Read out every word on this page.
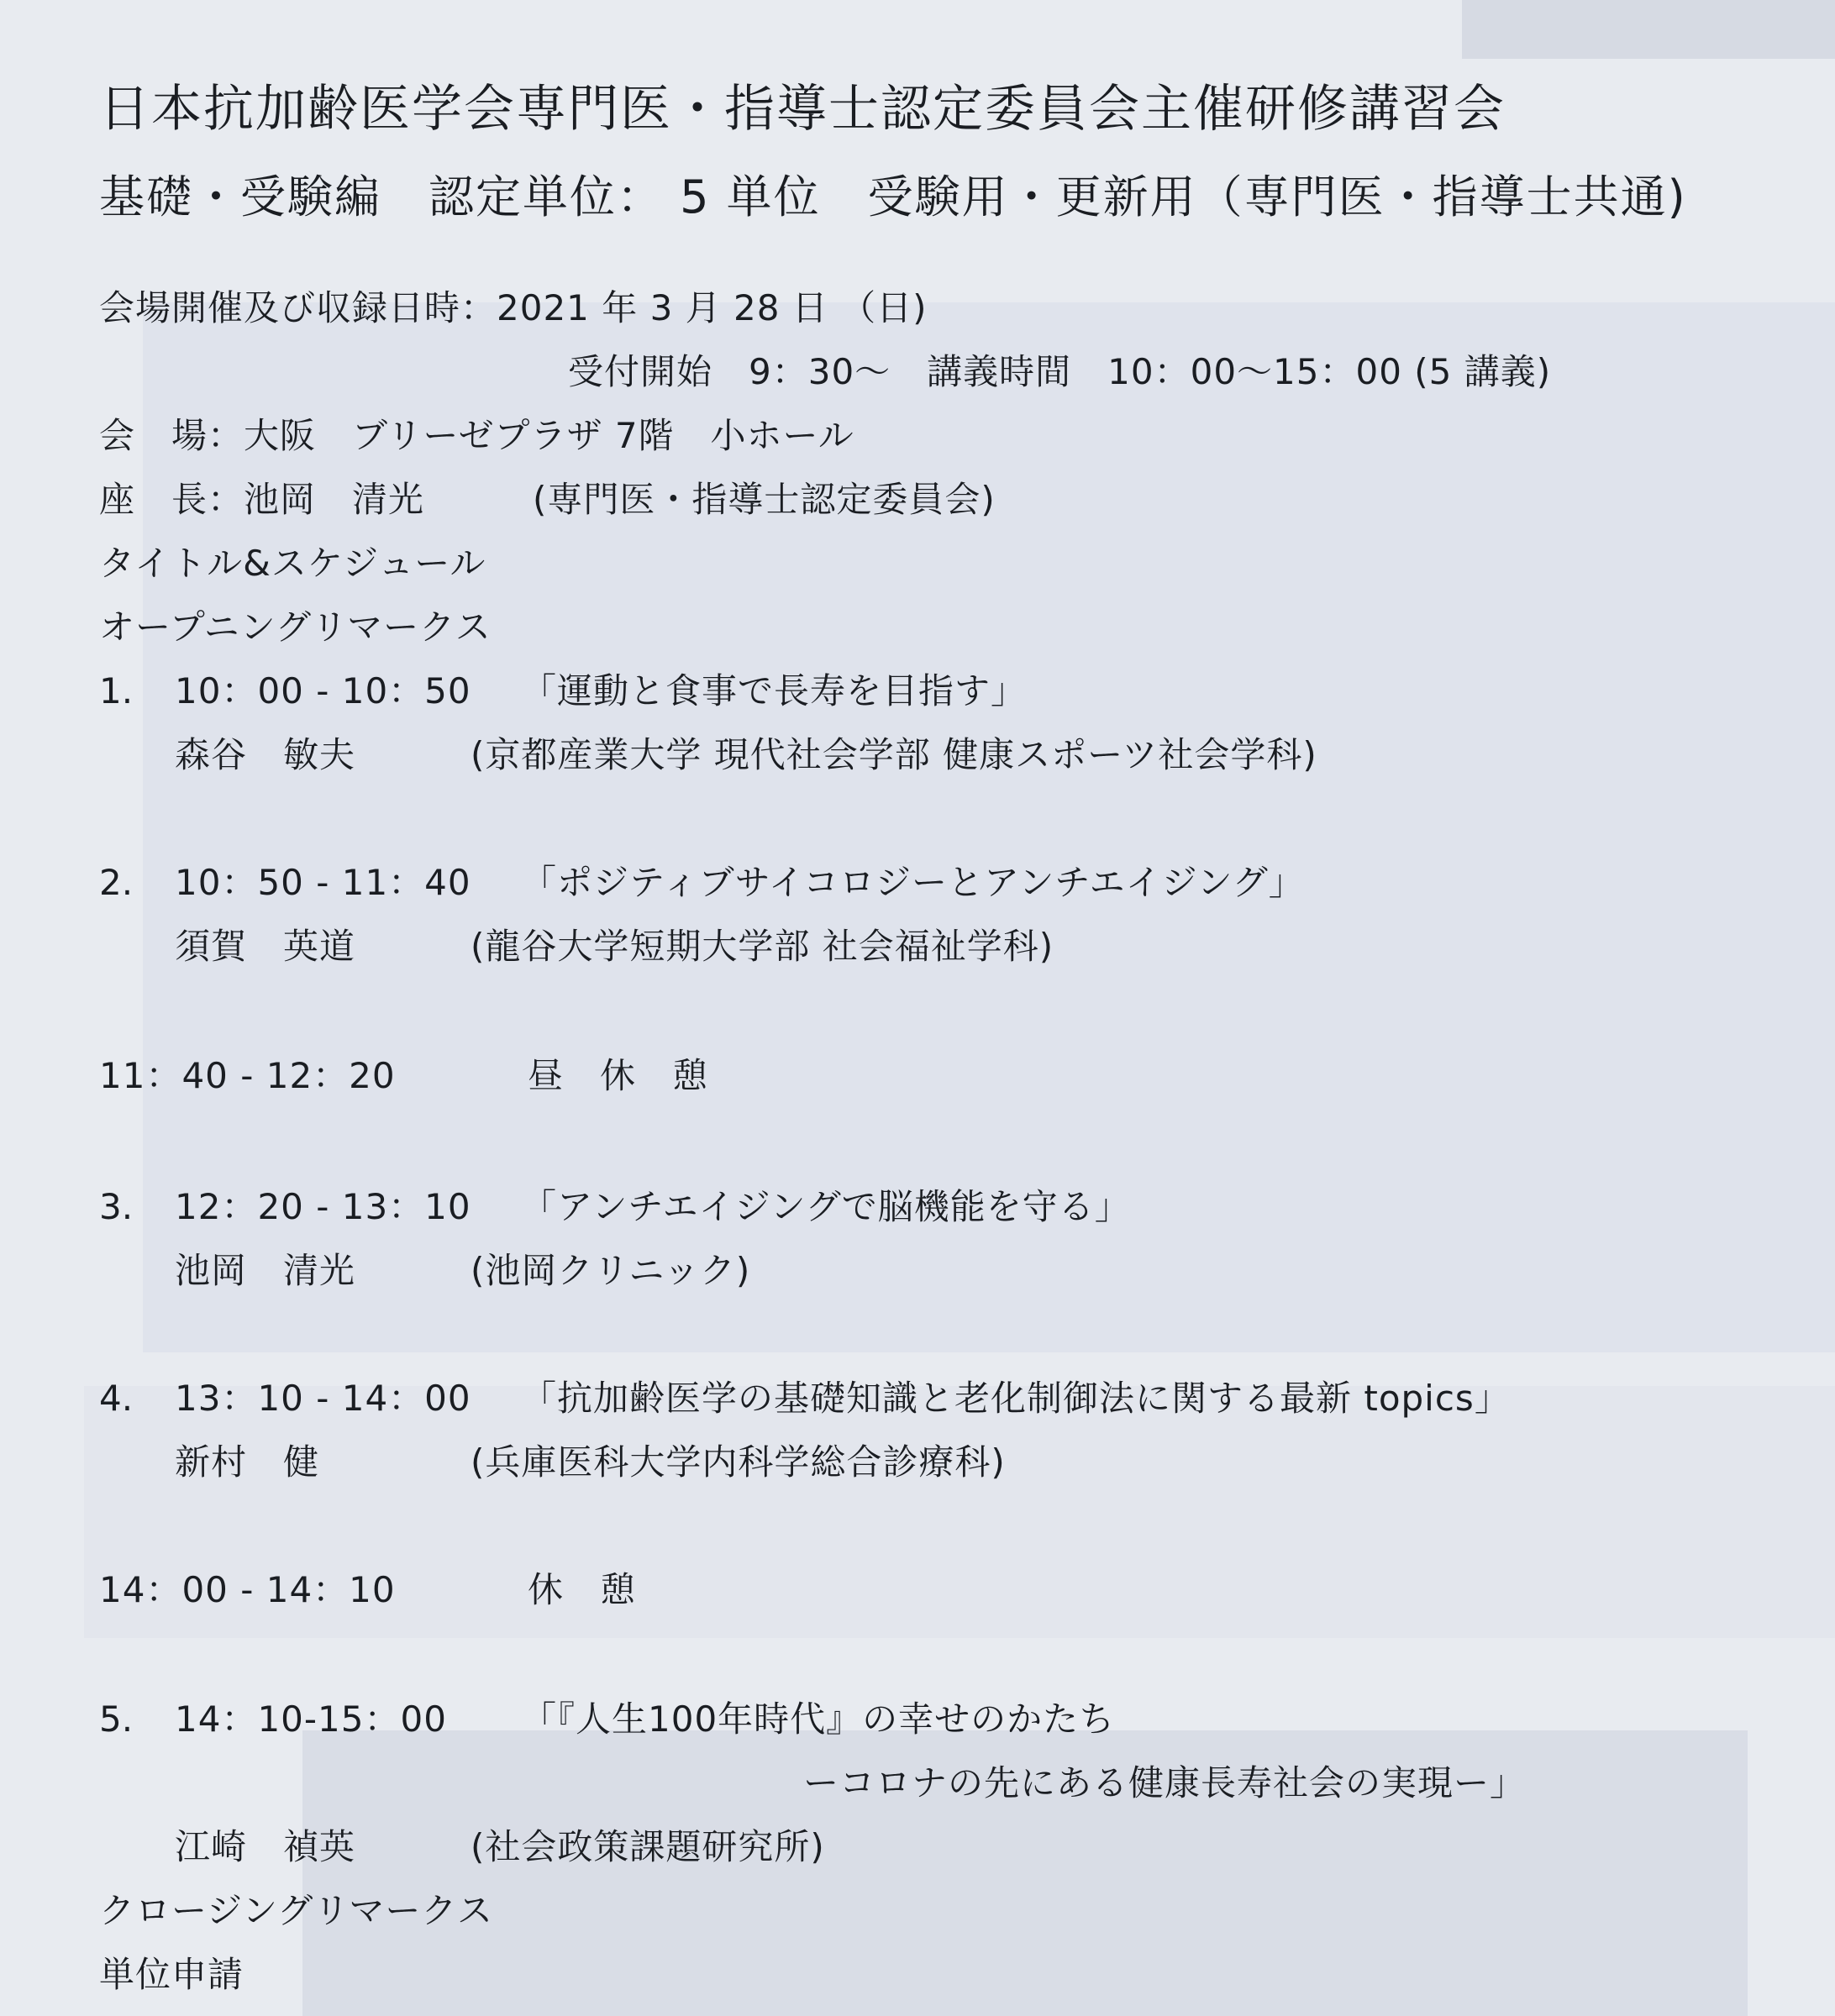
日本抗加齢医学会専門医・指導士認定委員会主催研修講習会
基礎・受験編　認定単位： 5 単位　受験用・更新用（専門医・指導士共通)
会場開催及び収録日時：2021 年 3 月 28 日 （日)
受付開始　9：30～　講義時間　10：00～15：00 (5 講義)
会　場：大阪　ブリーゼプラザ 7階　小ホール
座　長：池岡　清光　　　(専門医・指導士認定委員会)
タイトル&スケジュール
オープニングリマークス
1. 10：00 - 10：50 「運動と食事で長寿を目指す」
森谷　敏夫	(京都産業大学 現代社会学部 健康スポーツ社会学科)
2. 10：50 - 11：40 「ポジティブサイコロジーとアンチエイジング」
須賀　英道	(龍谷大学短期大学部 社会福祉学科)
11：40 - 12：20	昼　休　憩
3. 12：20 - 13：10 「アンチエイジングで脳機能を守る」
池岡　清光	(池岡クリニック)
4. 13：10 - 14：00 「抗加齢医学の基礎知識と老化制御法に関する最新 topics」
新村　健	(兵庫医科大学内科学総合診療科)
14：00 - 14：10	休　憩
5. 14：10-15：00 「『人生100年時代』の幸せのかたち
ーコロナの先にある健康長寿社会の実現ー」
江崎　禎英	(社会政策課題研究所)
クロージングリマークス
単位申請
